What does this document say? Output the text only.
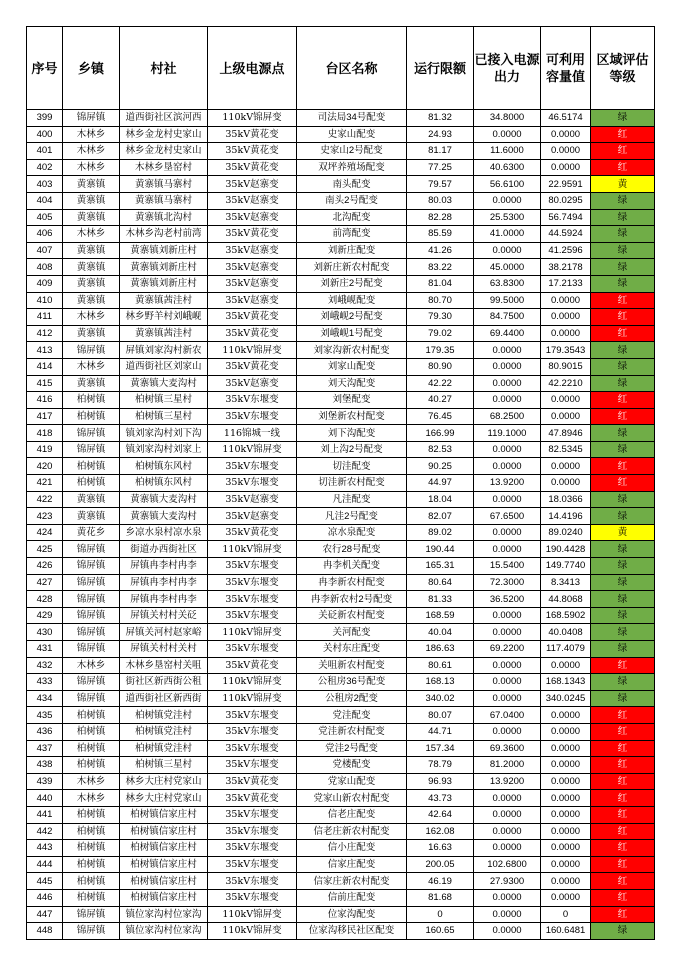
序号	乡镇	村社	上级电源点	台区名称	运行限额	已接入电源出力	可利用容量值	区域评估等级
399	锦屏镇	道西街社区滨河西	110kV锦屏变	司法局34号配变	81.32	34.8000	46.5174	绿
400	木林乡	林乡金龙村史家山	35kV黄花变	史家山配变	24.93	0.0000	0.0000	红
401	木林乡	林乡金龙村史家山	35kV黄花变	史家山2号配变	81.17	11.6000	0.0000	红
402	木林乡	木林乡垦窑村	35kV黄花变	双坪养殖场配变	77.25	40.6300	0.0000	红
403	黄寨镇	黄寨镇马寨村	35kV赵寨变	南头配变	79.57	56.6100	22.9591	黄
404	黄寨镇	黄寨镇马寨村	35kV赵寨变	南头2号配变	80.03	0.0000	80.0295	绿
405	黄寨镇	黄寨镇北沟村	35kV赵寨变	北沟配变	82.28	25.5300	56.7494	绿
406	木林乡	木林乡沟老村前湾	35kV黄花变	前湾配变	85.59	41.0000	44.5924	绿
407	黄寨镇	黄寨镇刘新庄村	35kV赵寨变	刘新庄配变	41.26	0.0000	41.2596	绿
408	黄寨镇	黄寨镇刘新庄村	35kV赵寨变	刘新庄新农村配变	83.22	45.0000	38.2178	绿
409	黄寨镇	黄寨镇刘新庄村	35kV赵寨变	刘新庄2号配变	81.04	63.8300	17.2133	绿
410	黄寨镇	黄寨镇茜洼村	35kV赵寨变	刘峨岘配变	80.70	99.5000	0.0000	红
411	木林乡	林乡野羊村刘峨岘	35kV黄花变	刘峨岘2号配变	79.30	84.7500	0.0000	红
412	黄寨镇	黄寨镇茜洼村	35kV黄花变	刘峨岘1号配变	79.02	69.4400	0.0000	红
413	锦屏镇	屏镇刘家沟村新农	110kV锦屏变	刘家沟新农村配变	179.35	0.0000	179.3543	绿
414	木林乡	道西街社区刘家山	35kV黄花变	刘家山配变	80.90	0.0000	80.9015	绿
415	黄寨镇	黄寨镇大麦沟村	35kV赵寨变	刘天沟配变	42.22	0.0000	42.2210	绿
416	柏树镇	柏树镇三星村	35kV东堰变	刘堡配变	40.27	0.0000	0.0000	红
417	柏树镇	柏树镇三星村	35kV东堰变	刘堡新农村配变	76.45	68.2500	0.0000	红
418	锦屏镇	镇刘家沟村刘下沟	116锦城一线	刘下沟配变	166.99	119.1000	47.8946	绿
419	锦屏镇	镇刘家沟村刘家上	110kV锦屏变	刘上沟2号配变	82.53	0.0000	82.5345	绿
420	柏树镇	柏树镇东风村	35kV东堰变	切洼配变	90.25	0.0000	0.0000	红
421	柏树镇	柏树镇东风村	35kV东堰变	切洼新农村配变	44.97	13.9200	0.0000	红
422	黄寨镇	黄寨镇大麦沟村	35kV赵寨变	凡洼配变	18.04	0.0000	18.0366	绿
423	黄寨镇	黄寨镇大麦沟村	35kV赵寨变	凡洼2号配变	82.07	67.6500	14.4196	绿
424	黄花乡	乡凉水泉村凉水泉	35kV黄花变	凉水泉配变	89.02	0.0000	89.0240	黄
425	锦屏镇	街道办西街社区	110kV锦屏变	农行28号配变	190.44	0.0000	190.4428	绿
426	锦屏镇	屏镇冉李村冉李	35kV东堰变	冉李机关配变	165.31	15.5400	149.7740	绿
427	锦屏镇	屏镇冉李村冉李	35kV东堰变	冉李新农村配变	80.64	72.3000	8.3413	绿
428	锦屏镇	屏镇冉李村冉李	35kV东堰变	冉李新农村2号配变	81.33	36.5200	44.8068	绿
429	锦屏镇	屏镇关村村关砭	35kV东堰变	关砭新农村配变	168.59	0.0000	168.5902	绿
430	锦屏镇	屏镇关河村赵家峪	110kV锦屏变	关河配变	40.04	0.0000	40.0408	绿
431	锦屏镇	屏镇关村村关村	35kV东堰变	关村东庄配变	186.63	69.2200	117.4079	绿
432	木林乡	木林乡垦窑村关咀	35kV黄花变	关咀新农村配变	80.61	0.0000	0.0000	红
433	锦屏镇	街社区新西街公租	110kV锦屏变	公租房36号配变	168.13	0.0000	168.1343	绿
434	锦屏镇	道西街社区新西街	110kV锦屏变	公租房2配变	340.02	0.0000	340.0245	绿
435	柏树镇	柏树镇党洼村	35kV东堰变	党洼配变	80.07	67.0400	0.0000	红
436	柏树镇	柏树镇党洼村	35kV东堰变	党洼新农村配变	44.71	0.0000	0.0000	红
437	柏树镇	柏树镇党洼村	35kV东堰变	党洼2号配变	157.34	69.3600	0.0000	红
438	柏树镇	柏树镇三星村	35kV东堰变	党楼配变	78.79	81.2000	0.0000	红
439	木林乡	林乡大庄村党家山	35kV黄花变	党家山配变	96.93	13.9200	0.0000	红
440	木林乡	林乡大庄村党家山	35kV黄花变	党家山新农村配变	43.73	0.0000	0.0000	红
441	柏树镇	柏树镇信家庄村	35kV东堰变	信老庄配变	42.64	0.0000	0.0000	红
442	柏树镇	柏树镇信家庄村	35kV东堰变	信老庄新农村配变	162.08	0.0000	0.0000	红
443	柏树镇	柏树镇信家庄村	35kV东堰变	信小庄配变	16.63	0.0000	0.0000	红
444	柏树镇	柏树镇信家庄村	35kV东堰变	信家庄配变	200.05	102.6800	0.0000	红
445	柏树镇	柏树镇信家庄村	35kV东堰变	信家庄新农村配变	46.19	27.9300	0.0000	红
446	柏树镇	柏树镇信家庄村	35kV东堰变	信前庄配变	81.68	0.0000	0.0000	红
447	锦屏镇	镇位家沟村位家沟	110kV锦屏变	位家沟配变	0	0.0000	0	红
448	锦屏镇	镇位家沟村位家沟	110kV锦屏变	位家沟移民社区配变	160.65	0.0000	160.6481	绿
